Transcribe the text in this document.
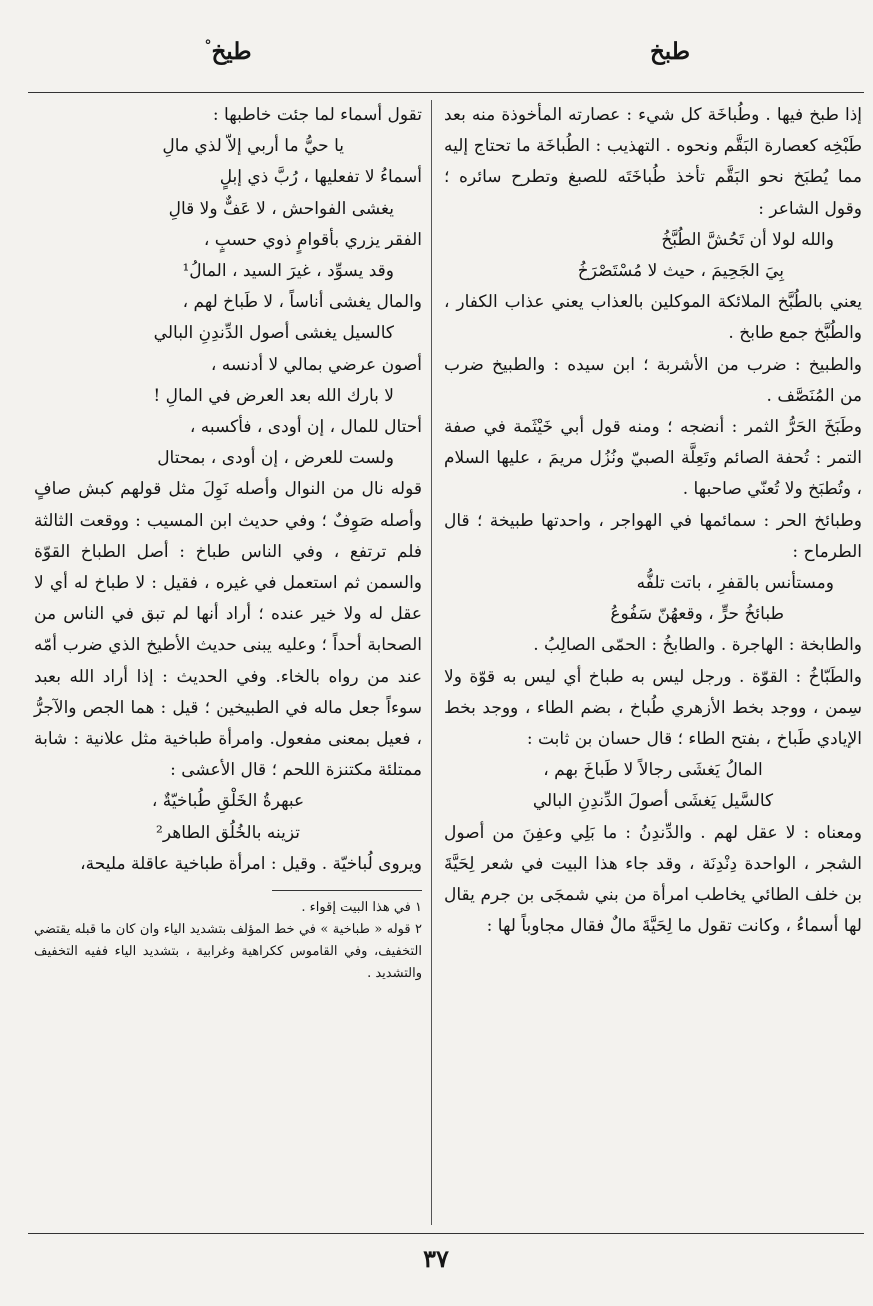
طبخ
طيخ°

إذا طبخ فيها . وطُباخَة كل شيء : عصارته المأخوذة منه بعد طَبْخِه كعصارة البَقَّم ونحوه . التهذيب : الطُباخَة ما تحتاج إليه مما يُطبَخ نحو البَقَّم تأخذ طُباخَتَه للصبغ وتطرح سائره ؛ وقول الشاعر :

والله لولا أن تَحُشَّ الطُبَّخُ

بِيَ الجَحِيمَ ، حيث لا مُسْتَصْرَخُ

يعني بالطُبَّخ الملائكة الموكلين بالعذاب يعني عذاب الكفار ، والطُبَّخ جمع طابخ .

والطبيخ : ضرب من الأشربة ؛ ابن سيده : والطبيخ ضرب من المُنَصَّف .

وطَبَخَ الحَرُّ الثمر : أنضجه ؛ ومنه قول أبي خَيْثَمة في صفة التمر : تُحفة الصائم وتَعِلَّة الصبيّ ونُزُل مريمَ ، عليها السلام ، وتُطبَخ ولا تُعنّي صاحبها .

وطبائخ الحر : سمائمها في الهواجر ، واحدتها طبيخة ؛ قال الطرماح :

ومستأنس بالقفرِ ، باتت تلفُّه

طبائخُ حرٍّ ، وقعهُنّ سَفُوعُ

والطابخة : الهاجرة . والطابخُ : الحمّى الصالِبُ .

والطَبّاخُ : القوّة . ورجل ليس به طباخ أي ليس به قوّة ولا سِمن ، ووجد بخط الأزهري طُباخ ، بضم الطاء ، ووجد بخط الإيادي طَباخ ، بفتح الطاء ؛ قال حسان بن ثابت :

المالُ يَغشَى رجالاً لا طَباخَ بهم ،

كالسَّيل يَغشَى أصولَ الدِّندِنِ البالي

ومعناه : لا عقل لهم . والدِّندِنُ : ما بَلِي وعفِنَ من أصول الشجر ، الواحدة دِنْدِنَة ، وقد جاء هذا البيت في شعر لِحَيَّةَ بن خلف الطائي يخاطب امرأة من بني شمجَى بن جرم يقال لها أسماءُ ، وكانت تقول ما لِحَيَّةَ مالٌ فقال مجاوباً لها :

تقول أسماء لما جئت خاطبها :

يا حيُّ ما أربي إلاّ لذي مالِ

أسماءُ لا تفعليها ، رُبَّ ذي إبلٍ

يغشى الفواحش ، لا عَفٌّ ولا قالِ

الفقر يزري بأقوامٍ ذوي حسبٍ ،

وقد يسوِّد ، غيرَ السيد ، المالُ¹

والمال يغشى أناساً ، لا طَباخ لهم ،

كالسيل يغشى أصول الدِّندِنِ البالي

أصون عرضي بمالي لا أدنسه ،

لا بارك الله بعد العرض في المالِ !

أحتال للمال ، إن أودى ، فأكسبه ،

ولست للعرض ، إن أودى ، بمحتال

قوله نال من النوال وأصله نَوِلَ مثل قولهم كبش صافٍ وأصله صَوِفٌ ؛ وفي حديث ابن المسيب : ووقعت الثالثة فلم ترتفع ، وفي الناس طباخ : أصل الطباخ القوّة والسمن ثم استعمل في غيره ، فقيل : لا طباخ له أي لا عقل له ولا خير عنده ؛ أراد أنها لم تبق في الناس من الصحابة أحداً ؛ وعليه يبنى حديث الأطيخ الذي ضرب أمّه عند من رواه بالخاء. وفي الحديث : إذا أراد الله بعبد سوءاً جعل ماله في الطبيخين ؛ قيل : هما الجص والآجرُّ ، فعيل بمعنى مفعول. وامرأة طباخية مثل علانية : شابة ممتلئة مكتنزة اللحم ؛ قال الأعشى :

عبهرةُ الخَلْقِ طُباخيّةٌ ،

تزينه بالخُلُق الطاهر²

ويروى لُباخيّة . وقيل : امرأة طباخية عاقلة مليحة،

١ في هذا البيت إقواء .

٢ قوله « طباخية » في خط المؤلف بتشديد الياء وان كان ما قبله يقتضي التخفيف، وفي القاموس ككراهية وغرابية ، بتشديد الياء ففيه التخفيف والتشديد .

٣٧
